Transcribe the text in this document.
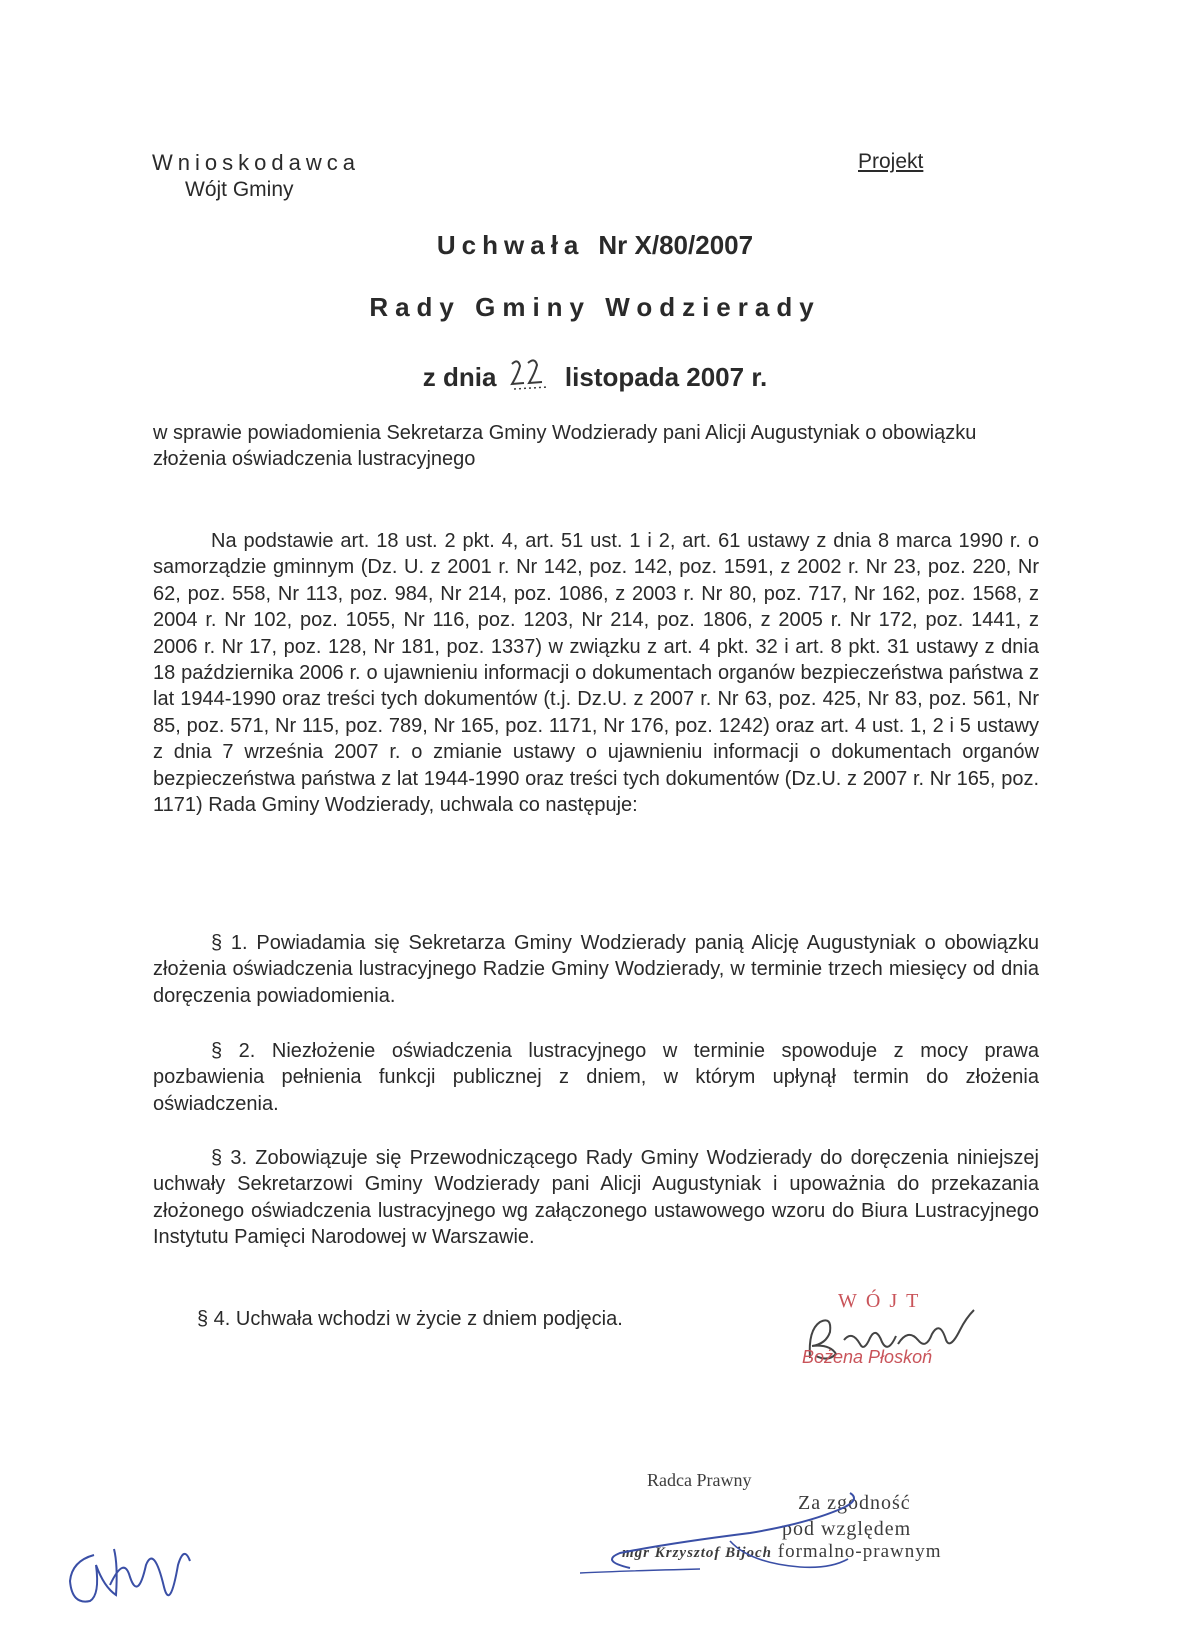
Wnioskodawca
Wójt Gminy
Projekt
Uchwała Nr X/80/2007
Rady Gminy Wodzierady
z dnia	listopada 2007 r.
w sprawie powiadomienia Sekretarza Gminy Wodzierady pani Alicji Augustyniak o obowiązku złożenia oświadczenia lustracyjnego
Na podstawie art. 18 ust. 2 pkt. 4, art. 51 ust. 1 i 2, art. 61 ustawy z dnia 8 marca 1990 r. o samorządzie gminnym (Dz. U. z 2001 r. Nr 142, poz. 142, poz. 1591, z 2002 r. Nr 23, poz. 220, Nr 62, poz. 558, Nr 113, poz. 984, Nr 214, poz. 1086, z 2003 r. Nr 80, poz. 717, Nr 162, poz. 1568, z 2004 r. Nr 102, poz. 1055, Nr 116, poz. 1203, Nr 214, poz. 1806, z 2005 r. Nr 172, poz. 1441, z 2006 r. Nr 17, poz. 128, Nr 181, poz. 1337) w związku z art. 4 pkt. 32 i art. 8 pkt. 31 ustawy z dnia 18 października 2006 r. o ujawnieniu informacji o dokumentach organów bezpieczeństwa państwa z lat 1944-1990 oraz treści tych dokumentów (t.j. Dz.U. z 2007 r. Nr 63, poz. 425, Nr 83, poz. 561, Nr 85, poz. 571, Nr 115, poz. 789, Nr 165, poz. 1171, Nr 176, poz. 1242) oraz art. 4 ust. 1, 2 i 5 ustawy z dnia 7 września 2007 r. o zmianie ustawy o ujawnieniu informacji o dokumentach organów bezpieczeństwa państwa z lat 1944-1990 oraz treści tych dokumentów (Dz.U. z 2007 r. Nr 165, poz. 1171) Rada Gminy Wodzierady, uchwala co następuje:
§ 1. Powiadamia się Sekretarza Gminy Wodzierady panią Alicję Augustyniak o obowiązku złożenia oświadczenia lustracyjnego Radzie Gminy Wodzierady, w terminie trzech miesięcy od dnia doręczenia powiadomienia.
§ 2. Niezłożenie oświadczenia lustracyjnego w terminie spowoduje z mocy prawa pozbawienia pełnienia funkcji publicznej z dniem, w którym upłynął termin do złożenia oświadczenia.
§ 3. Zobowiązuje się Przewodniczącego Rady Gminy Wodzierady do doręczenia niniejszej uchwały Sekretarzowi Gminy Wodzierady pani Alicji Augustyniak i upoważnia do przekazania złożonego oświadczenia lustracyjnego wg załączonego ustawowego wzoru do Biura Lustracyjnego Instytutu Pamięci Narodowej w Warszawie.
§ 4. Uchwała wchodzi w życie z dniem podjęcia.
WÓJT
Bożena Płoskoń
Radca Prawny
Za zgodność
pod względem
mgr Krzysztof Bijoch formalno-prawnym
